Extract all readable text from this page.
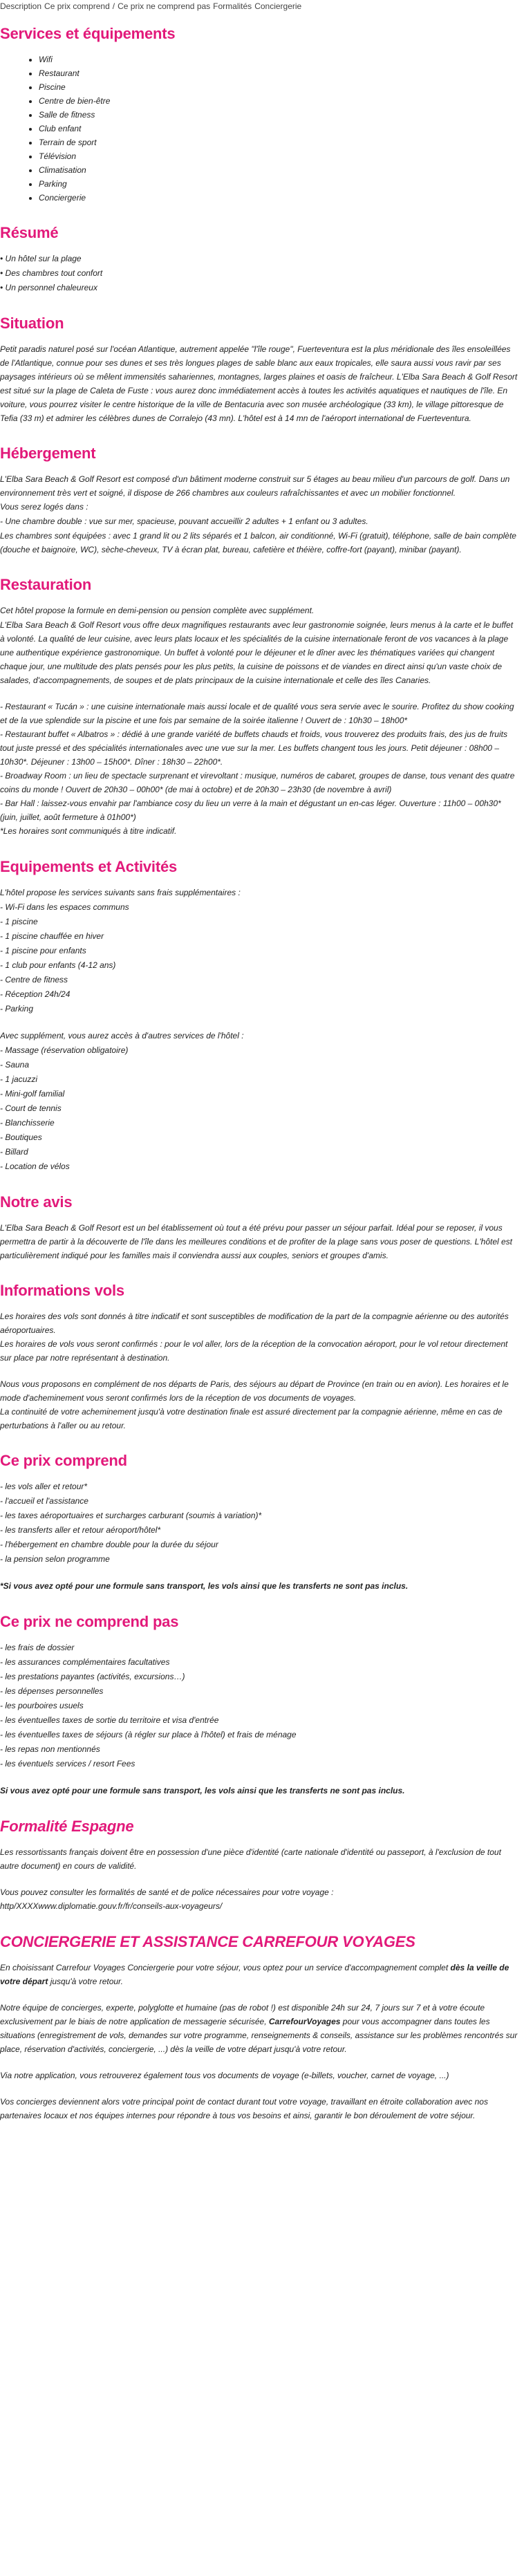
Description Ce prix comprend / Ce prix ne comprend pas Formalités Conciergerie
Services et équipements
• Wifi
• Restaurant
• Piscine
• Centre de bien-être
• Salle de fitness
• Club enfant
• Terrain de sport
• Télévision
• Climatisation
• Parking
• Conciergerie
Résumé
• Un hôtel sur la plage
• Des chambres tout confort
• Un personnel chaleureux
Situation

Petit paradis naturel posé sur l'océan Atlantique, autrement appelée "l'île rouge", Fuerteventura est la plus méridionale des îles ensoleillées de l'Atlantique, connue pour ses dunes et ses très longues plages de sable blanc aux eaux tropicales, elle saura aussi vous ravir par ses paysages intérieurs où se mêlent immensités sahariennes, montagnes, larges plaines et oasis de fraîcheur. L'Elba Sara Beach & Golf Resort est situé sur la plage de Caleta de Fuste : vous aurez donc immédiatement accès à toutes les activités aquatiques et nautiques de l'île. En voiture, vous pourrez visiter le centre historique de la ville de Bentacuria avec son musée archéologique (33 km), le village pittoresque de Tefia (33 m) et admirer les célèbres dunes de Corralejo (43 mn). L'hôtel est à 14 mn de l'aéroport international de Fuerteventura.

Hébergement

L'Elba Sara Beach & Golf Resort est composé d'un bâtiment moderne construit sur 5 étages au beau milieu d'un parcours de golf. Dans un environnement très vert et soigné, il dispose de 266 chambres aux couleurs rafraîchissantes et avec un mobilier fonctionnel.

Vous serez logés dans :
- Une chambre double : vue sur mer, spacieuse, pouvant accueillir 2 adultes + 1 enfant ou 3 adultes.

Les chambres sont équipées : avec 1 grand lit ou 2 lits séparés et 1 balcon, air conditionné, Wi-Fi (gratuit), téléphone, salle de bain complète (douche et baignoire, WC), sèche-cheveux, TV à écran plat, bureau, cafetière et théière, coffre-fort (payant), minibar (payant).

Restauration
Cet hôtel propose la formule en demi-pension ou pension complète avec supplément.

L'Elba Sara Beach & Golf Resort vous offre deux magnifiques restaurants avec leur gastronomie soignée, leurs menus à la carte et le buffet à volonté. La qualité de leur cuisine, avec leurs plats locaux et les spécialités de la cuisine internationale feront de vos vacances à la plage une authentique expérience gastronomique. Un buffet à volonté pour le déjeuner et le dîner avec les thématiques variées qui changent chaque jour, une multitude des plats pensés pour les plus petits, la cuisine de poissons et de viandes en direct ainsi qu'un vaste choix de salades, d'accompagnements, de soupes et de plats principaux de la cuisine internationale et celle des îles Canaries.

- Restaurant « Tucán » : une cuisine internationale mais aussi locale et de qualité vous sera servie avec le sourire. Profitez du show cooking et de la vue splendide sur la piscine et une fois par semaine de la soirée italienne ! Ouvert de : 10h30 – 18h00*

- Restaurant buffet « Albatros » : dédié à une grande variété de buffets chauds et froids, vous trouverez des produits frais, des jus de fruits tout juste pressé et des spécialités internationales avec une vue sur la mer. Les buffets changent tous les jours. Petit déjeuner : 08h00 – 10h30*. Déjeuner : 13h00 – 15h00*. Dîner : 18h30 – 22h00*.

- Broadway Room : un lieu de spectacle surprenant et virevoltant : musique, numéros de cabaret, groupes de danse, tous venant des quatre coins du monde ! Ouvert de 20h30 – 00h00* (de mai à octobre) et de 20h30 – 23h30 (de novembre à avril)

- Bar Hall : laissez-vous envahir par l'ambiance cosy du lieu un verre à la main et dégustant un en-cas léger. Ouverture : 11h00 – 00h30* (juin, juillet, août fermeture à 01h00*)

*Les horaires sont communiqués à titre indicatif.
Equipements et Activités
L'hôtel propose les services suivants sans frais supplémentaires :
- Wi-Fi dans les espaces communs
- 1 piscine
- 1 piscine chauffée en hiver
- 1 piscine pour enfants
- 1 club pour enfants (4-12 ans)
- Centre de fitness
- Réception 24h/24
- Parking
Avec supplément, vous aurez accès à d'autres services de l'hôtel :
- Massage (réservation obligatoire)
- Sauna
- 1 jacuzzi
- Mini-golf familial
- Court de tennis
- Blanchisserie
- Boutiques
- Billard
- Location de vélos
Notre avis

L'Elba Sara Beach & Golf Resort est un bel établissement où tout a été prévu pour passer un séjour parfait. Idéal pour se reposer, il vous permettra de partir à la découverte de l'île dans les meilleures conditions et de profiter de la plage sans vous poser de questions. L'hôtel est particulièrement indiqué pour les familles mais il conviendra aussi aux couples, seniors et groupes d'amis.

Informations vols

Les horaires des vols sont donnés à titre indicatif et sont susceptibles de modification de la part de la compagnie aérienne ou des autorités aéroportuaires.

Les horaires de vols vous seront confirmés : pour le vol aller, lors de la réception de la convocation aéroport, pour le vol retour directement sur place par notre représentant à destination.

Nous vous proposons en complément de nos départs de Paris, des séjours au départ de Province (en train ou en avion). Les horaires et le mode d'acheminement vous seront confirmés lors de la réception de vos documents de voyages.

La continuité de votre acheminement jusqu'à votre destination finale est assuré directement par la compagnie aérienne, même en cas de perturbations à l'aller ou au retour.

Ce prix comprend
- les vols aller et retour*
- l'accueil et l'assistance
- les taxes aéroportuaires et surcharges carburant (soumis à variation)*
- les transferts aller et retour aéroport/hôtel*
- l'hébergement en chambre double pour la durée du séjour
- la pension selon programme
*Si vous avez opté pour une formule sans transport, les vols ainsi que les transferts ne sont pas inclus.
Ce prix ne comprend pas
- les frais de dossier
- les assurances complémentaires facultatives
- les prestations payantes (activités, excursions…)
- les dépenses personnelles
- les pourboires usuels
- les éventuelles taxes de sortie du territoire et visa d'entrée
- les éventuelles taxes de séjours (à régler sur place à l'hôtel) et frais de ménage
- les repas non mentionnés
- les éventuels services / resort Fees
Si vous avez opté pour une formule sans transport, les vols ainsi que les transferts ne sont pas inclus.
Formalité Espagne

Les ressortissants français doivent être en possession d'une pièce d'identité (carte nationale d'identité ou passeport, à l'exclusion de tout autre document) en cours de validité.

Vous pouvez consulter les formalités de santé et de police nécessaires pour votre voyage :

http/XXXXwww.diplomatie.gouv.fr/fr/conseils-aux-voyageurs/
CONCIERGERIE ET ASSISTANCE CARREFOUR VOYAGES

En choisissant Carrefour Voyages Conciergerie pour votre séjour, vous optez pour un service d'accompagnement complet dès la veille de votre départ jusqu'à votre retour.

Notre équipe de concierges, experte, polyglotte et humaine (pas de robot !) est disponible 24h sur 24, 7 jours sur 7 et à votre écoute exclusivement par le biais de notre application de messagerie sécurisée, CarrefourVoyages pour vous accompagner dans toutes les situations (enregistrement de vols, demandes sur votre programme, renseignements & conseils, assistance sur les problèmes rencontrés sur place, réservation d'activités, conciergerie, ...) dès la veille de votre départ jusqu'à votre retour.

Via notre application, vous retrouverez également tous vos documents de voyage (e-billets, voucher, carnet de voyage, ...)

Vos concierges deviennent alors votre principal point de contact durant tout votre voyage, travaillant en étroite collaboration avec nos partenaires locaux et nos équipes internes pour répondre à tous vos besoins et ainsi, garantir le bon déroulement de votre séjour.
